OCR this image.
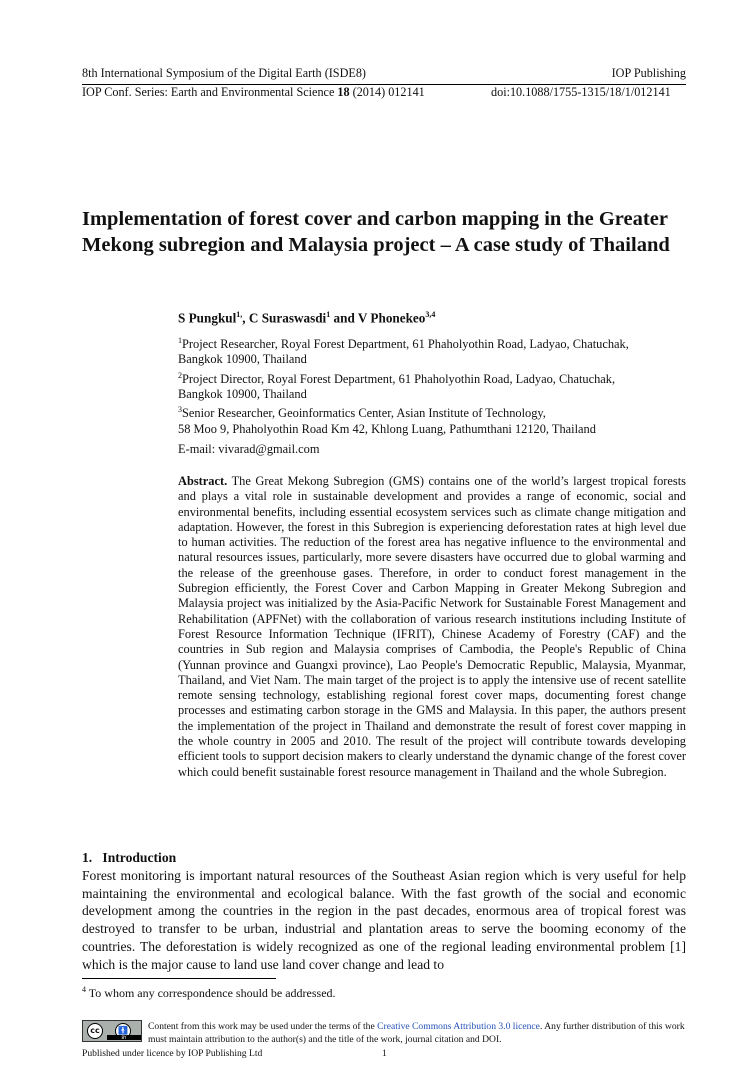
8th International Symposium of the Digital Earth (ISDE8)	IOP Publishing
IOP Conf. Series: Earth and Environmental Science 18 (2014) 012141	doi:10.1088/1755-1315/18/1/012141
Implementation of forest cover and carbon mapping in the Greater Mekong subregion and Malaysia project – A case study of Thailand
S Pungkul$^{1,}$, C Suraswasdi$^1$ and V Phonekeo$^{3,4}$
$^1$Project Researcher, Royal Forest Department, 61 Phaholyothin Road, Ladyao, Chatuchak,
Bangkok 10900, Thailand
$^2$Project Director, Royal Forest Department, 61 Phaholyothin Road, Ladyao, Chatuchak,
Bangkok 10900, Thailand
$^3$Senior Researcher, Geoinformatics Center, Asian Institute of Technology,
58 Moo 9, Phaholyothin Road Km 42, Khlong Luang, Pathumthani 12120, Thailand
E-mail: vivarad@gmail.com
Abstract. The Great Mekong Subregion (GMS) contains one of the world’s largest tropical forests and plays a vital role in sustainable development and provides a range of economic, social and environmental benefits, including essential ecosystem services such as climate change mitigation and adaptation. However, the forest in this Subregion is experiencing deforestation rates at high level due to human activities. The reduction of the forest area has negative influence to the environmental and natural resources issues, particularly, more severe disasters have occurred due to global warming and the release of the greenhouse gases. Therefore, in order to conduct forest management in the Subregion efficiently, the Forest Cover and Carbon Mapping in Greater Mekong Subregion and Malaysia project was initialized by the Asia-Pacific Network for Sustainable Forest Management and Rehabilitation (APFNet) with the collaboration of various research institutions including Institute of Forest Resource Information Technique (IFRIT), Chinese Academy of Forestry (CAF) and the countries in Sub region and Malaysia comprises of Cambodia, the People's Republic of China (Yunnan province and Guangxi province), Lao People's Democratic Republic, Malaysia, Myanmar, Thailand, and Viet Nam. The main target of the project is to apply the intensive use of recent satellite remote sensing technology, establishing regional forest cover maps, documenting forest change processes and estimating carbon storage in the GMS and Malaysia. In this paper, the authors present the implementation of the project in Thailand and demonstrate the result of forest cover mapping in the whole country in 2005 and 2010. The result of the project will contribute towards developing efficient tools to support decision makers to clearly understand the dynamic change of the forest cover which could benefit sustainable forest resource management in Thailand and the whole Subregion.
1. Introduction
Forest monitoring is important natural resources of the Southeast Asian region which is very useful for help maintaining the environmental and ecological balance. With the fast growth of the social and economic development among the countries in the region in the past decades, enormous area of tropical forest was destroyed to transfer to be urban, industrial and plantation areas to serve the booming economy of the countries. The deforestation is widely recognized as one of the regional leading environmental problem [1] which is the major cause to land use land cover change and lead to
$^4$ To whom any correspondence should be addressed.
cc	🚹
BY
Content from this work may be used under the terms of the Creative Commons Attribution 3.0 licence. Any further distribution of this work must maintain attribution to the author(s) and the title of the work, journal citation and DOI.
Published under licence by IOP Publishing Ltd	1
